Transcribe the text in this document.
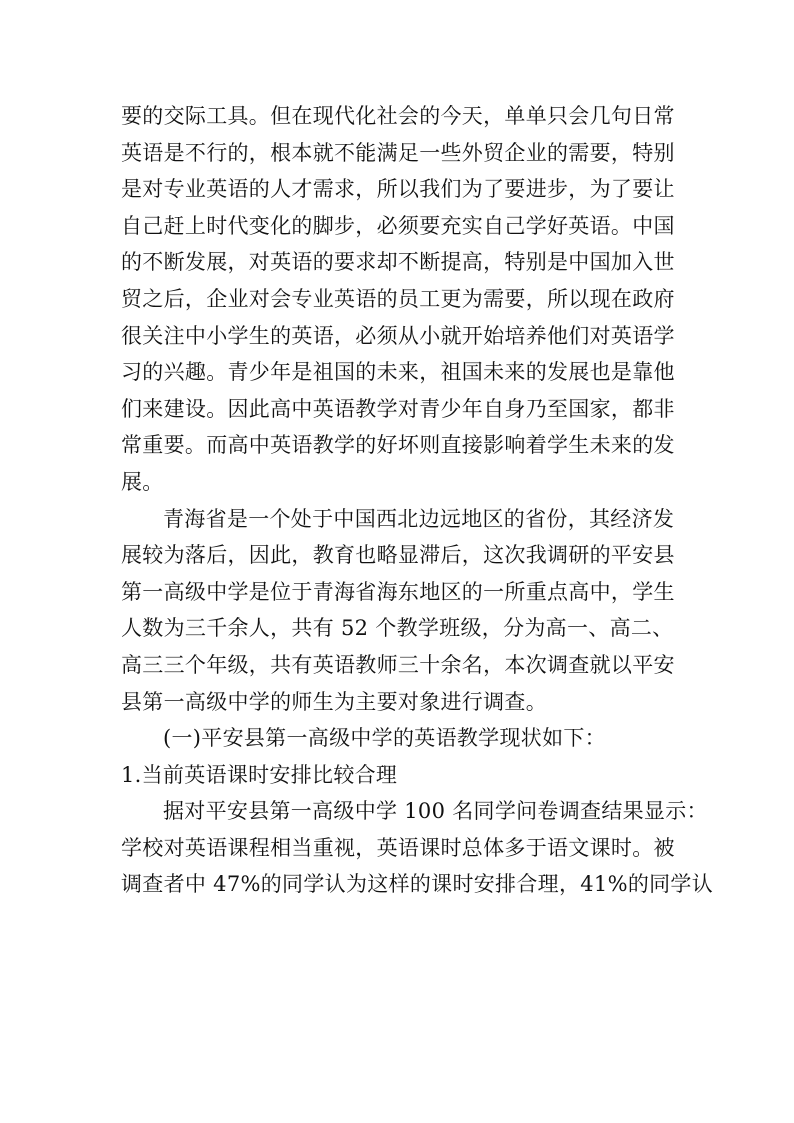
要的交际工具。但在现代化社会的今天，单单只会几句日常
英语是不行的，根本就不能满足一些外贸企业的需要，特别
是对专业英语的人才需求，所以我们为了要进步，为了要让
自己赶上时代变化的脚步，必须要充实自己学好英语。中国
的不断发展，对英语的要求却不断提高，特别是中国加入世
贸之后，企业对会专业英语的员工更为需要，所以现在政府
很关注中小学生的英语，必须从小就开始培养他们对英语学
习的兴趣。青少年是祖国的未来，祖国未来的发展也是靠他
们来建设。因此高中英语教学对青少年自身乃至国家，都非
常重要。而高中英语教学的好坏则直接影响着学生未来的发
展。
青海省是一个处于中国西北边远地区的省份，其经济发
展较为落后，因此，教育也略显滞后，这次我调研的平安县
第一高级中学是位于青海省海东地区的一所重点高中，学生
人数为三千余人，共有 52 个教学班级，分为高一、高二、
高三三个年级，共有英语教师三十余名，本次调查就以平安
县第一高级中学的师生为主要对象进行调查。
(一)平安县第一高级中学的英语教学现状如下：
1.当前英语课时安排比较合理
据对平安县第一高级中学 100 名同学问卷调查结果显示：
学校对英语课程相当重视，英语课时总体多于语文课时。被
调查者中 47%的同学认为这样的课时安排合理，41%的同学认
